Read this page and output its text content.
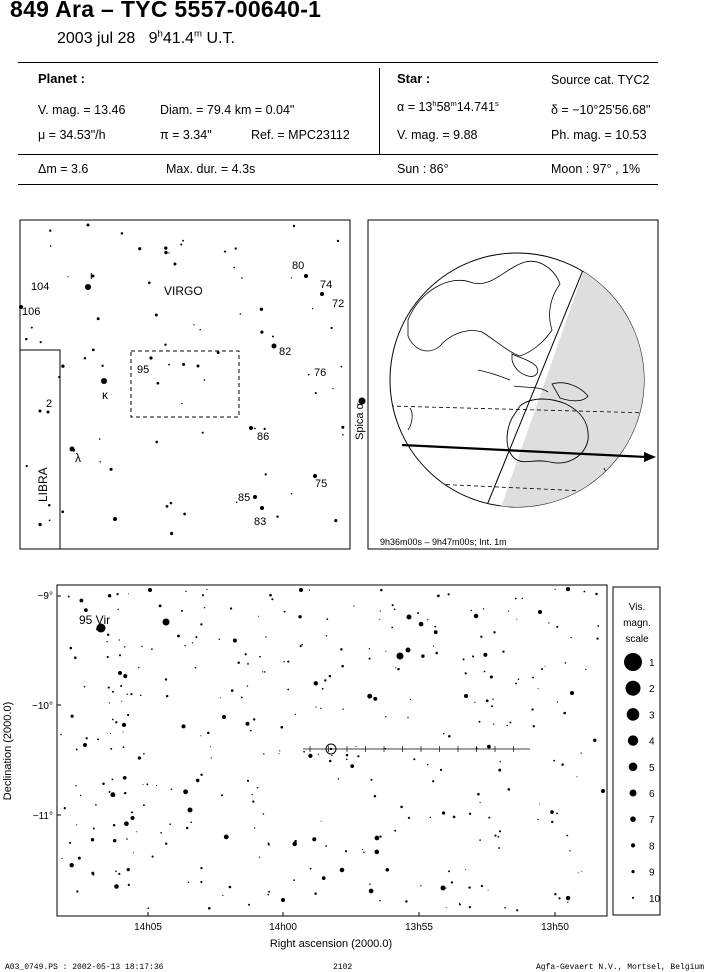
849 Ara – TYC 5557-00640-1
2003 jul 28 9$^h$41.4$^m$ U.T.
Planet :
V. mag. = 13.46	Diam. = 79.4 km = 0.04"
μ = 34.53"/h	π = 3.34"	Ref. = MPC23112
Star :	Source cat. TYC2
$\alpha = 13^h58^m14.741^s$	δ = −10°25'56.68"
V. mag. = 9.88	Ph. mag. = 10.53
Δm = 3.6	Max. dur. = 4.3s	Sun : 86°	Moon : 97° , 1%
VIRGO
LIBRA
Spica α
104
106
80
74
72
82
95	76
2
86
75
85
83
ι
κ
λ
9h36m00s – 9h47m00s; Int. 1m
95 Vir
−9°
−10°
−11°
Declination (2000.0)
14h05	14h00	13h55	13h50
Right ascension (2000.0)
Vis.
magn.
scale
1
2
3
4
5
6
7
8
9
10
A03_0749.PS : 2002-05-13 18:17:36	2102	Agfa-Gevaert N.V., Mortsel, Belgium
